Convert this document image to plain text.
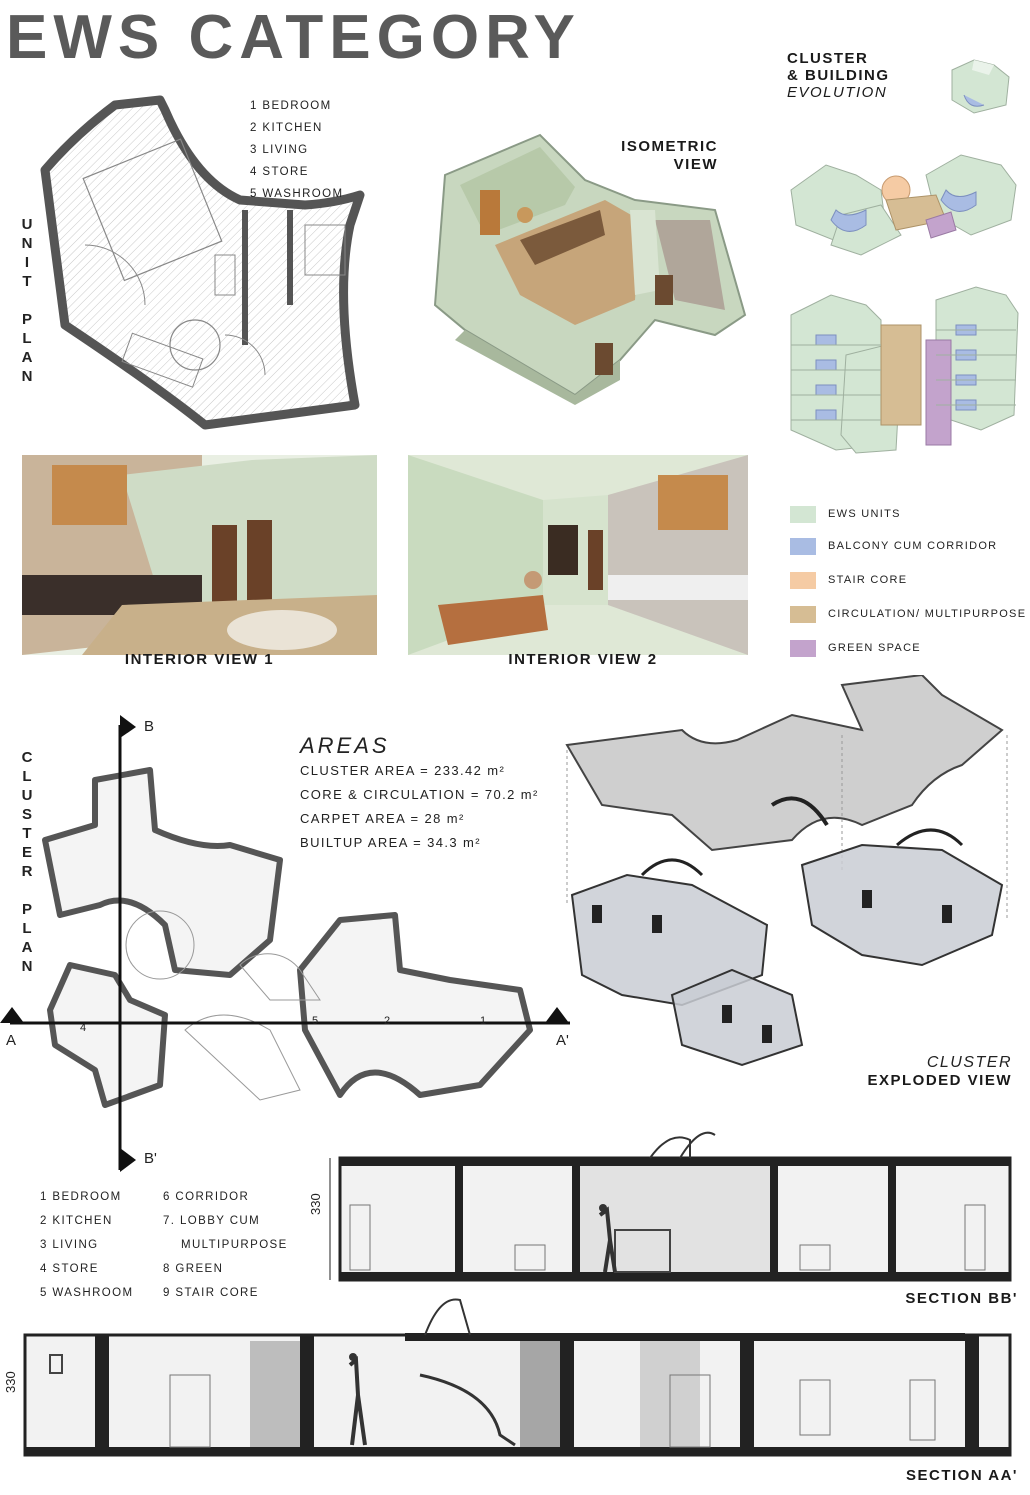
EWS CATEGORY
U
N
I
T
P
L
A
N
1 BEDROOM
2 KITCHEN
3 LIVING
4 STORE
5 WASHROOM
ISOMETRIC
VIEW
CLUSTER
& BUILDING
EVOLUTION
INTERIOR VIEW 1	INTERIOR VIEW 2
EWS UNITS
BALCONY CUM CORRIDOR
STAIR CORE
CIRCULATION/ MULTIPURPOSE
GREEN SPACE
C
L
U
S
T
E
R
P
L
A
N
B
B'
A	A'
4
5	2	1
AREAS
CLUSTER AREA = 233.42 m²
CORE & CIRCULATION = 70.2 m²
CARPET AREA = 28 m²
BUILTUP AREA = 34.3 m²
CLUSTER
EXPLODED VIEW
1 BEDROOM
2 KITCHEN
3 LIVING
4 STORE
5 WASHROOM
6 CORRIDOR
7. LOBBY CUM
MULTIPURPOSE
8 GREEN
9 STAIR CORE
330
SECTION BB'
330
SECTION AA'
